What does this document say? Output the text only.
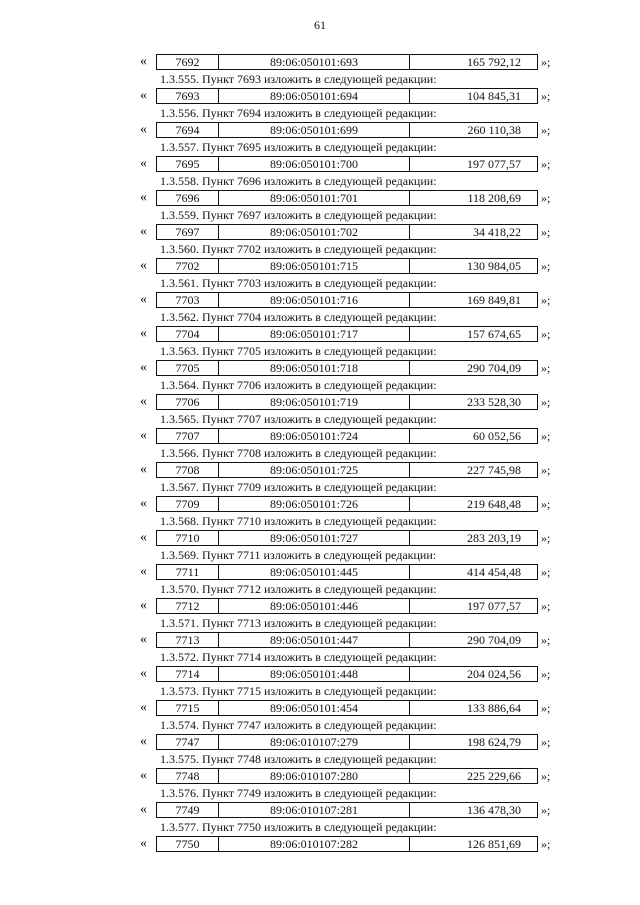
61
«	7692	89:06:050101:693	165 792,12	»;
1.3.555. Пункт 7693 изложить в следующей редакции:
«	7693	89:06:050101:694	104 845,31	»;
1.3.556. Пункт 7694 изложить в следующей редакции:
«	7694	89:06:050101:699	260 110,38	»;
1.3.557. Пункт 7695 изложить в следующей редакции:
«	7695	89:06:050101:700	197 077,57	»;
1.3.558. Пункт 7696 изложить в следующей редакции:
«	7696	89:06:050101:701	118 208,69	»;
1.3.559. Пункт 7697 изложить в следующей редакции:
«	7697	89:06:050101:702	34 418,22	»;
1.3.560. Пункт 7702 изложить в следующей редакции:
«	7702	89:06:050101:715	130 984,05	»;
1.3.561. Пункт 7703 изложить в следующей редакции:
«	7703	89:06:050101:716	169 849,81	»;
1.3.562. Пункт 7704 изложить в следующей редакции:
«	7704	89:06:050101:717	157 674,65	»;
1.3.563. Пункт 7705 изложить в следующей редакции:
«	7705	89:06:050101:718	290 704,09	»;
1.3.564. Пункт 7706 изложить в следующей редакции:
«	7706	89:06:050101:719	233 528,30	»;
1.3.565. Пункт 7707 изложить в следующей редакции:
«	7707	89:06:050101:724	60 052,56	»;
1.3.566. Пункт 7708 изложить в следующей редакции:
«	7708	89:06:050101:725	227 745,98	»;
1.3.567. Пункт 7709 изложить в следующей редакции:
«	7709	89:06:050101:726	219 648,48	»;
1.3.568. Пункт 7710 изложить в следующей редакции:
«	7710	89:06:050101:727	283 203,19	»;
1.3.569. Пункт 7711 изложить в следующей редакции:
«	7711	89:06:050101:445	414 454,48	»;
1.3.570. Пункт 7712 изложить в следующей редакции:
«	7712	89:06:050101:446	197 077,57	»;
1.3.571. Пункт 7713 изложить в следующей редакции:
«	7713	89:06:050101:447	290 704,09	»;
1.3.572. Пункт 7714 изложить в следующей редакции:
«	7714	89:06:050101:448	204 024,56	»;
1.3.573. Пункт 7715 изложить в следующей редакции:
«	7715	89:06:050101:454	133 886,64	»;
1.3.574. Пункт 7747 изложить в следующей редакции:
«	7747	89:06:010107:279	198 624,79	»;
1.3.575. Пункт 7748 изложить в следующей редакции:
«	7748	89:06:010107:280	225 229,66	»;
1.3.576. Пункт 7749 изложить в следующей редакции:
«	7749	89:06:010107:281	136 478,30	»;
1.3.577. Пункт 7750 изложить в следующей редакции:
«	7750	89:06:010107:282	126 851,69	»;
